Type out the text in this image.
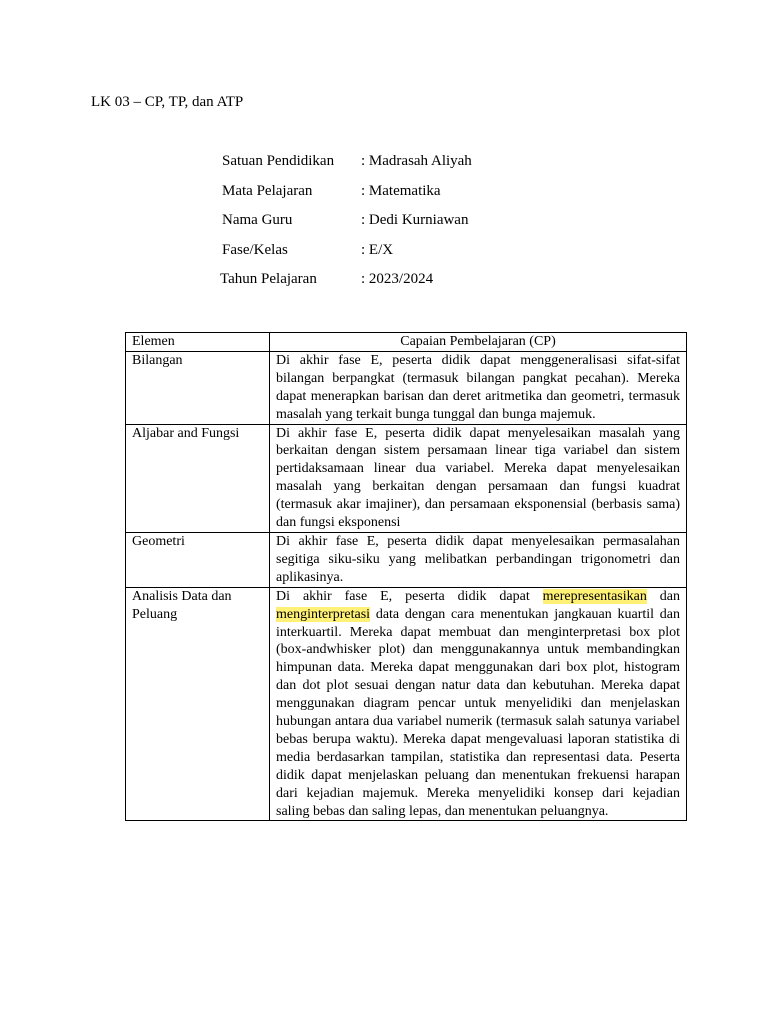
LK 03 – CP, TP, dan ATP
Satuan Pendidikan : Madrasah Aliyah
Mata Pelajaran	: Matematika
Nama Guru	: Dedi Kurniawan
Fase/Kelas	: E/X
Tahun Pelajaran	: 2023/2024
Elemen	Capaian Pembelajaran (CP)
Bilangan	Di akhir fase E, peserta didik dapat menggeneralisasi sifat-sifat bilangan berpangkat (termasuk bilangan pangkat pecahan). Mereka dapat menerapkan barisan dan deret aritmetika dan geometri, termasuk masalah yang terkait bunga tunggal dan bunga majemuk.
Aljabar and Fungsi	Di akhir fase E, peserta didik dapat menyelesaikan masalah yang berkaitan dengan sistem persamaan linear tiga variabel dan sistem pertidaksamaan linear dua variabel. Mereka dapat menyelesaikan masalah yang berkaitan dengan persamaan dan fungsi kuadrat (termasuk akar imajiner), dan persamaan eksponensial (berbasis sama) dan fungsi eksponensi
Geometri	Di akhir fase E, peserta didik dapat menyelesaikan permasalahan segitiga siku-siku yang melibatkan perbandingan trigonometri dan aplikasinya.
Analisis Data dan Peluang	Di akhir fase E, peserta didik dapat merepresentasikan dan menginterpretasi data dengan cara menentukan jangkauan kuartil dan interkuartil. Mereka dapat membuat dan menginterpretasi box plot (box-andwhisker plot) dan menggunakannya untuk membandingkan himpunan data. Mereka dapat menggunakan dari box plot, histogram dan dot plot sesuai dengan natur data dan kebutuhan. Mereka dapat menggunakan diagram pencar untuk menyelidiki dan menjelaskan hubungan antara dua variabel numerik (termasuk salah satunya variabel bebas berupa waktu). Mereka dapat mengevaluasi laporan statistika di media berdasarkan tampilan, statistika dan representasi data. Peserta didik dapat menjelaskan peluang dan menentukan frekuensi harapan dari kejadian majemuk. Mereka menyelidiki konsep dari kejadian saling bebas dan saling lepas, dan menentukan peluangnya.
